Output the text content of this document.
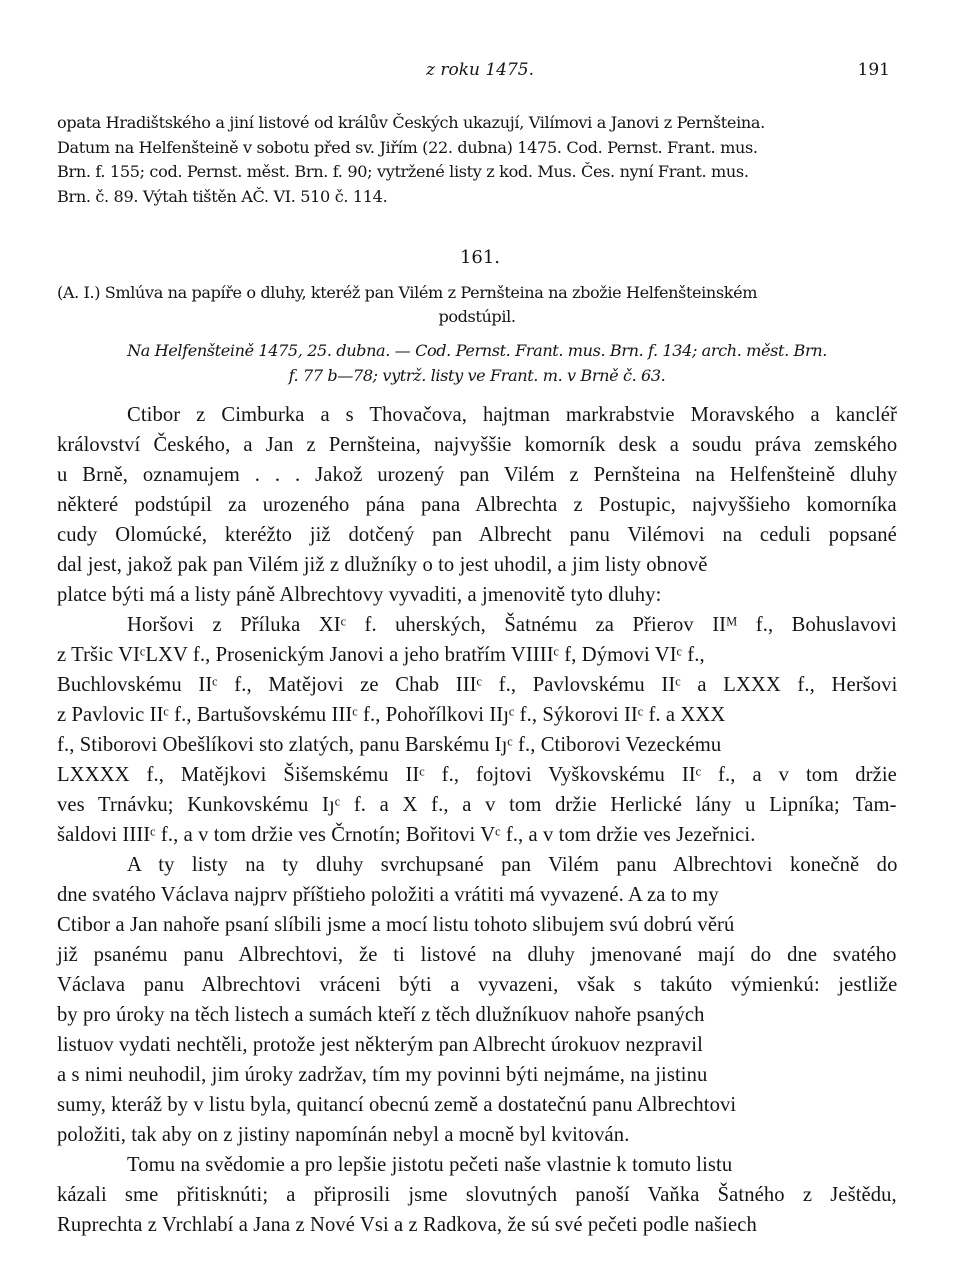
z roku 1475.	191
opata Hradištského a jiní listové od králův Českých ukazují, Vilímovi a Janovi z Pernšteina.
Datum na Helfenšteině v sobotu před sv. Jiřím (22. dubna) 1475. Cod. Pernst. Frant. mus.
Brn. f. 155; cod. Pernst. měst. Brn. f. 90; vytržené listy z kod. Mus. Čes. nyní Frant. mus.
Brn. č. 89. Výtah tištěn AČ. VI. 510 č. 114.
161.
(A. I.) Smlúva na papíře o dluhy, kteréž pan Vilém z Pernšteina na zbožie Helfenšteinském
podstúpil.
Na Helfenšteině 1475, 25. dubna. — Cod. Pernst. Frant. mus. Brn. f. 134; arch. měst. Brn.
f. 77 b—78; vytrž. listy ve Frant. m. v Brně č. 63.
Ctibor z Cimburka a s Thovačova, hajtman markrabstvie Moravského a kancléř
království Českého, a Jan z Pernšteina, najvyššie komorník desk a soudu práva zemského
u Brně, oznamujem . . . Jakož urozený pan Vilém z Pernšteina na Helfenšteině dluhy
některé podstúpil za urozeného pána pana Albrechta z Postupic, najvyššieho komorníka
cudy Olomúcké, kteréžto již dotčený pan Albrecht panu Vilémovi na ceduli popsané
dal jest, jakož pak pan Vilém již z dlužníky o to jest uhodil, a jim listy obnově
platce býti má a listy páně Albrechtovy vyvaditi, a jmenovitě tyto dluhy:
Horšovi z Příluka XIᶜ f. uherských, Šatnému za Přierov IIᴹ f., Bohuslavovi
z Tršic VIᶜLXV f., Prosenickým Janovi a jeho bratřím VIIIIᶜ f, Dýmovi VIᶜ f.,
Buchlovskému IIᶜ f., Matějovi ze Chab IIIᶜ f., Pavlovskému IIᶜ a LXXX f., Heršovi
z Pavlovic IIᶜ f., Bartušovskému IIIᶜ f., Pohořílkovi IIȷᶜ f., Sýkorovi IIᶜ f. a XXX
f., Stiborovi Obešlíkovi sto zlatých, panu Barskému Iȷᶜ f., Ctiborovi Vezeckému
LXXXX f., Matějkovi Šišemskému IIᶜ f., fojtovi Vyškovskému IIᶜ f., a v tom držie
ves Trnávku; Kunkovskému Iȷᶜ f. a X f., a v tom držie Herlické lány u Lipníka; Tam-
šaldovi IIIIᶜ f., a v tom držie ves Črnotín; Bořitovi Vᶜ f., a v tom držie ves Jezeřnici.
A ty listy na ty dluhy svrchupsané pan Vilém panu Albrechtovi konečně do
dne svatého Václava najprv příštieho položiti a vrátiti má vyvazené. A za to my
Ctibor a Jan nahoře psaní slíbili jsme a mocí listu tohoto slibujem svú dobrú věrú
již psanému panu Albrechtovi, že ti listové na dluhy jmenované mají do dne svatého
Václava panu Albrechtovi vráceni býti a vyvazeni, však s takúto výmienkú: jestliže
by pro úroky na těch listech a sumách kteří z těch dlužníkuov nahoře psaných
listuov vydati nechtěli, protože jest některým pan Albrecht úrokuov nezpravil
a s nimi neuhodil, jim úroky zadržav, tím my povinni býti nejmáme, na jistinu
sumy, kteráž by v listu byla, quitancí obecnú země a dostatečnú panu Albrechtovi
položiti, tak aby on z jistiny napomínán nebyl a mocně byl kvitován.
Tomu na svědomie a pro lepšie jistotu pečeti naše vlastnie k tomuto listu
kázali sme přitisknúti; a připrosili jsme slovutných panoší Vaňka Šatného z Ještědu,
Ruprechta z Vrchlabí a Jana z Nové Vsi a z Radkova, že sú své pečeti podle našiech
